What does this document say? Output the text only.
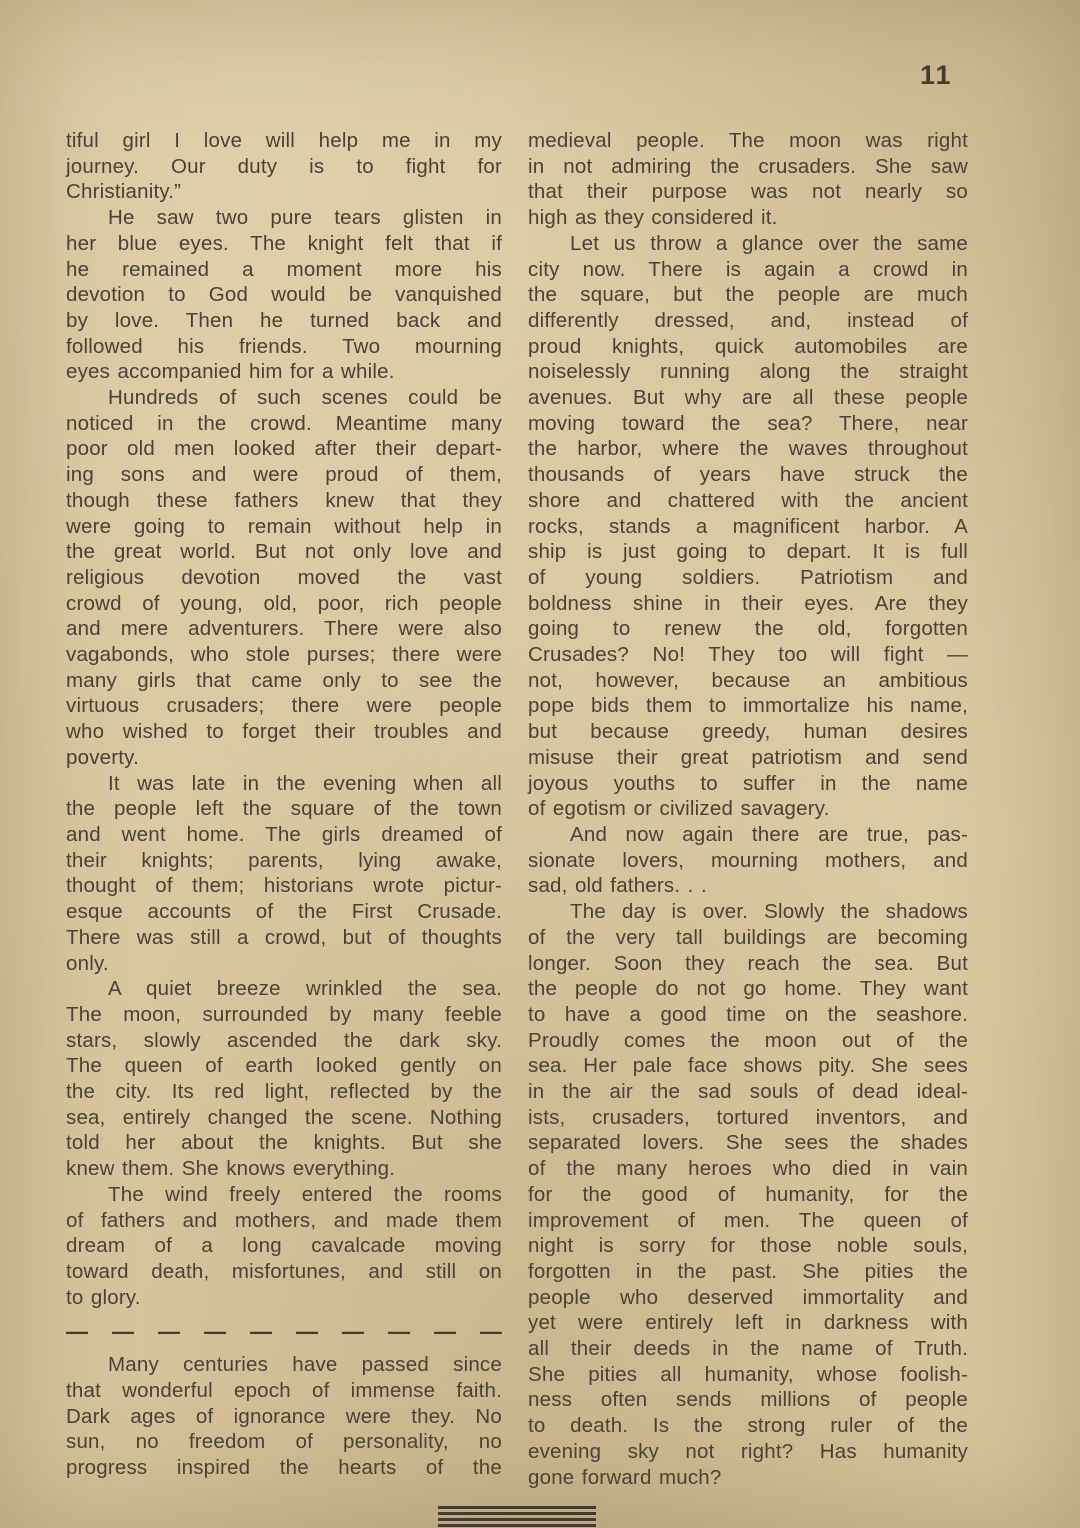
11
tiful girl I love will help me in my
journey. Our duty is to fight for
Christianity.”
He saw two pure tears glisten in
her blue eyes. The knight felt that if
he remained a moment more his
devotion to God would be vanquished
by love. Then he turned back and
followed his friends. Two mourning
eyes accompanied him for a while.
Hundreds of such scenes could be
noticed in the crowd. Meantime many
poor old men looked after their depart-
ing sons and were proud of them,
though these fathers knew that they
were going to remain without help in
the great world. But not only love and
religious devotion moved the vast
crowd of young, old, poor, rich people
and mere adventurers. There were also
vagabonds, who stole purses; there were
many girls that came only to see the
virtuous crusaders; there were people
who wished to forget their troubles and
poverty.
It was late in the evening when all
the people left the square of the town
and went home. The girls dreamed of
their knights; parents, lying awake,
thought of them; historians wrote pictur-
esque accounts of the First Crusade.
There was still a crowd, but of thoughts
only.
A quiet breeze wrinkled the sea.
The moon, surrounded by many feeble
stars, slowly ascended the dark sky.
The queen of earth looked gently on
the city. Its red light, reflected by the
sea, entirely changed the scene. Nothing
told her about the knights. But she
knew them. She knows everything.
The wind freely entered the rooms
of fathers and mothers, and made them
dream of a long cavalcade moving
toward death, misfortunes, and still on
to glory.
— — — — — — — — — —
Many centuries have passed since
that wonderful epoch of immense faith.
Dark ages of ignorance were they. No
sun, no freedom of personality, no
progress inspired the hearts of the
medieval people. The moon was right
in not admiring the crusaders. She saw
that their purpose was not nearly so
high as they considered it.
Let us throw a glance over the same
city now. There is again a crowd in
the square, but the people are much
differently dressed, and, instead of
proud knights, quick automobiles are
noiselessly running along the straight
avenues. But why are all these people
moving toward the sea? There, near
the harbor, where the waves throughout
thousands of years have struck the
shore and chattered with the ancient
rocks, stands a magnificent harbor. A
ship is just going to depart. It is full
of young soldiers. Patriotism and
boldness shine in their eyes. Are they
going to renew the old, forgotten
Crusades? No! They too will fight —
not, however, because an ambitious
pope bids them to immortalize his name,
but because greedy, human desires
misuse their great patriotism and send
joyous youths to suffer in the name
of egotism or civilized savagery.
And now again there are true, pas-
sionate lovers, mourning mothers, and
sad, old fathers. . .
The day is over. Slowly the shadows
of the very tall buildings are becoming
longer. Soon they reach the sea. But
the people do not go home. They want
to have a good time on the seashore.
Proudly comes the moon out of the
sea. Her pale face shows pity. She sees
in the air the sad souls of dead ideal-
ists, crusaders, tortured inventors, and
separated lovers. She sees the shades
of the many heroes who died in vain
for the good of humanity, for the
improvement of men. The queen of
night is sorry for those noble souls,
forgotten in the past. She pities the
people who deserved immortality and
yet were entirely left in darkness with
all their deeds in the name of Truth.
She pities all humanity, whose foolish-
ness often sends millions of people
to death. Is the strong ruler of the
evening sky not right? Has humanity
gone forward much?
